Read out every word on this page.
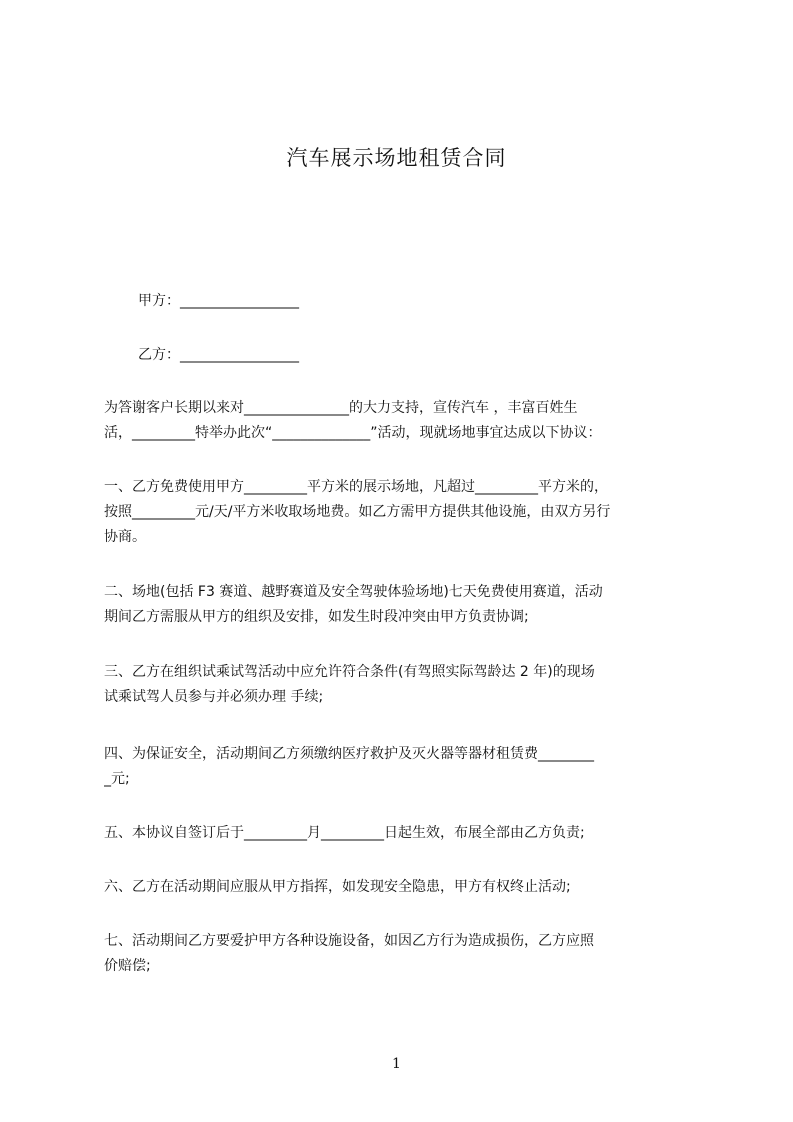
汽车展示场地租赁合同
甲方：_________________
乙方：_________________
为答谢客户长期以来对_______________的大力支持，宣传汽车 ，丰富百姓生
活，_________特举办此次“______________”活动，现就场地事宜达成以下协议：
一、乙方免费使用甲方_________平方米的展示场地，凡超过_________平方米的，
按照_________元/天/平方米收取场地费。如乙方需甲方提供其他设施，由双方另行
协商。
二、场地(包括 F3 赛道、越野赛道及安全驾驶体验场地)七天免费使用赛道，活动
期间乙方需服从甲方的组织及安排，如发生时段冲突由甲方负责协调;
三、乙方在组织试乘试驾活动中应允许符合条件(有驾照实际驾龄达 2 年)的现场
试乘试驾人员参与并必须办理 手续;
四、为保证安全，活动期间乙方须缴纳医疗救护及灭火器等器材租赁费________
_元;
五、本协议自签订后于_________月_________日起生效，布展全部由乙方负责;
六、乙方在活动期间应服从甲方指挥，如发现安全隐患，甲方有权终止活动;
七、活动期间乙方要爱护甲方各种设施设备，如因乙方行为造成损伤，乙方应照
价赔偿;
1
